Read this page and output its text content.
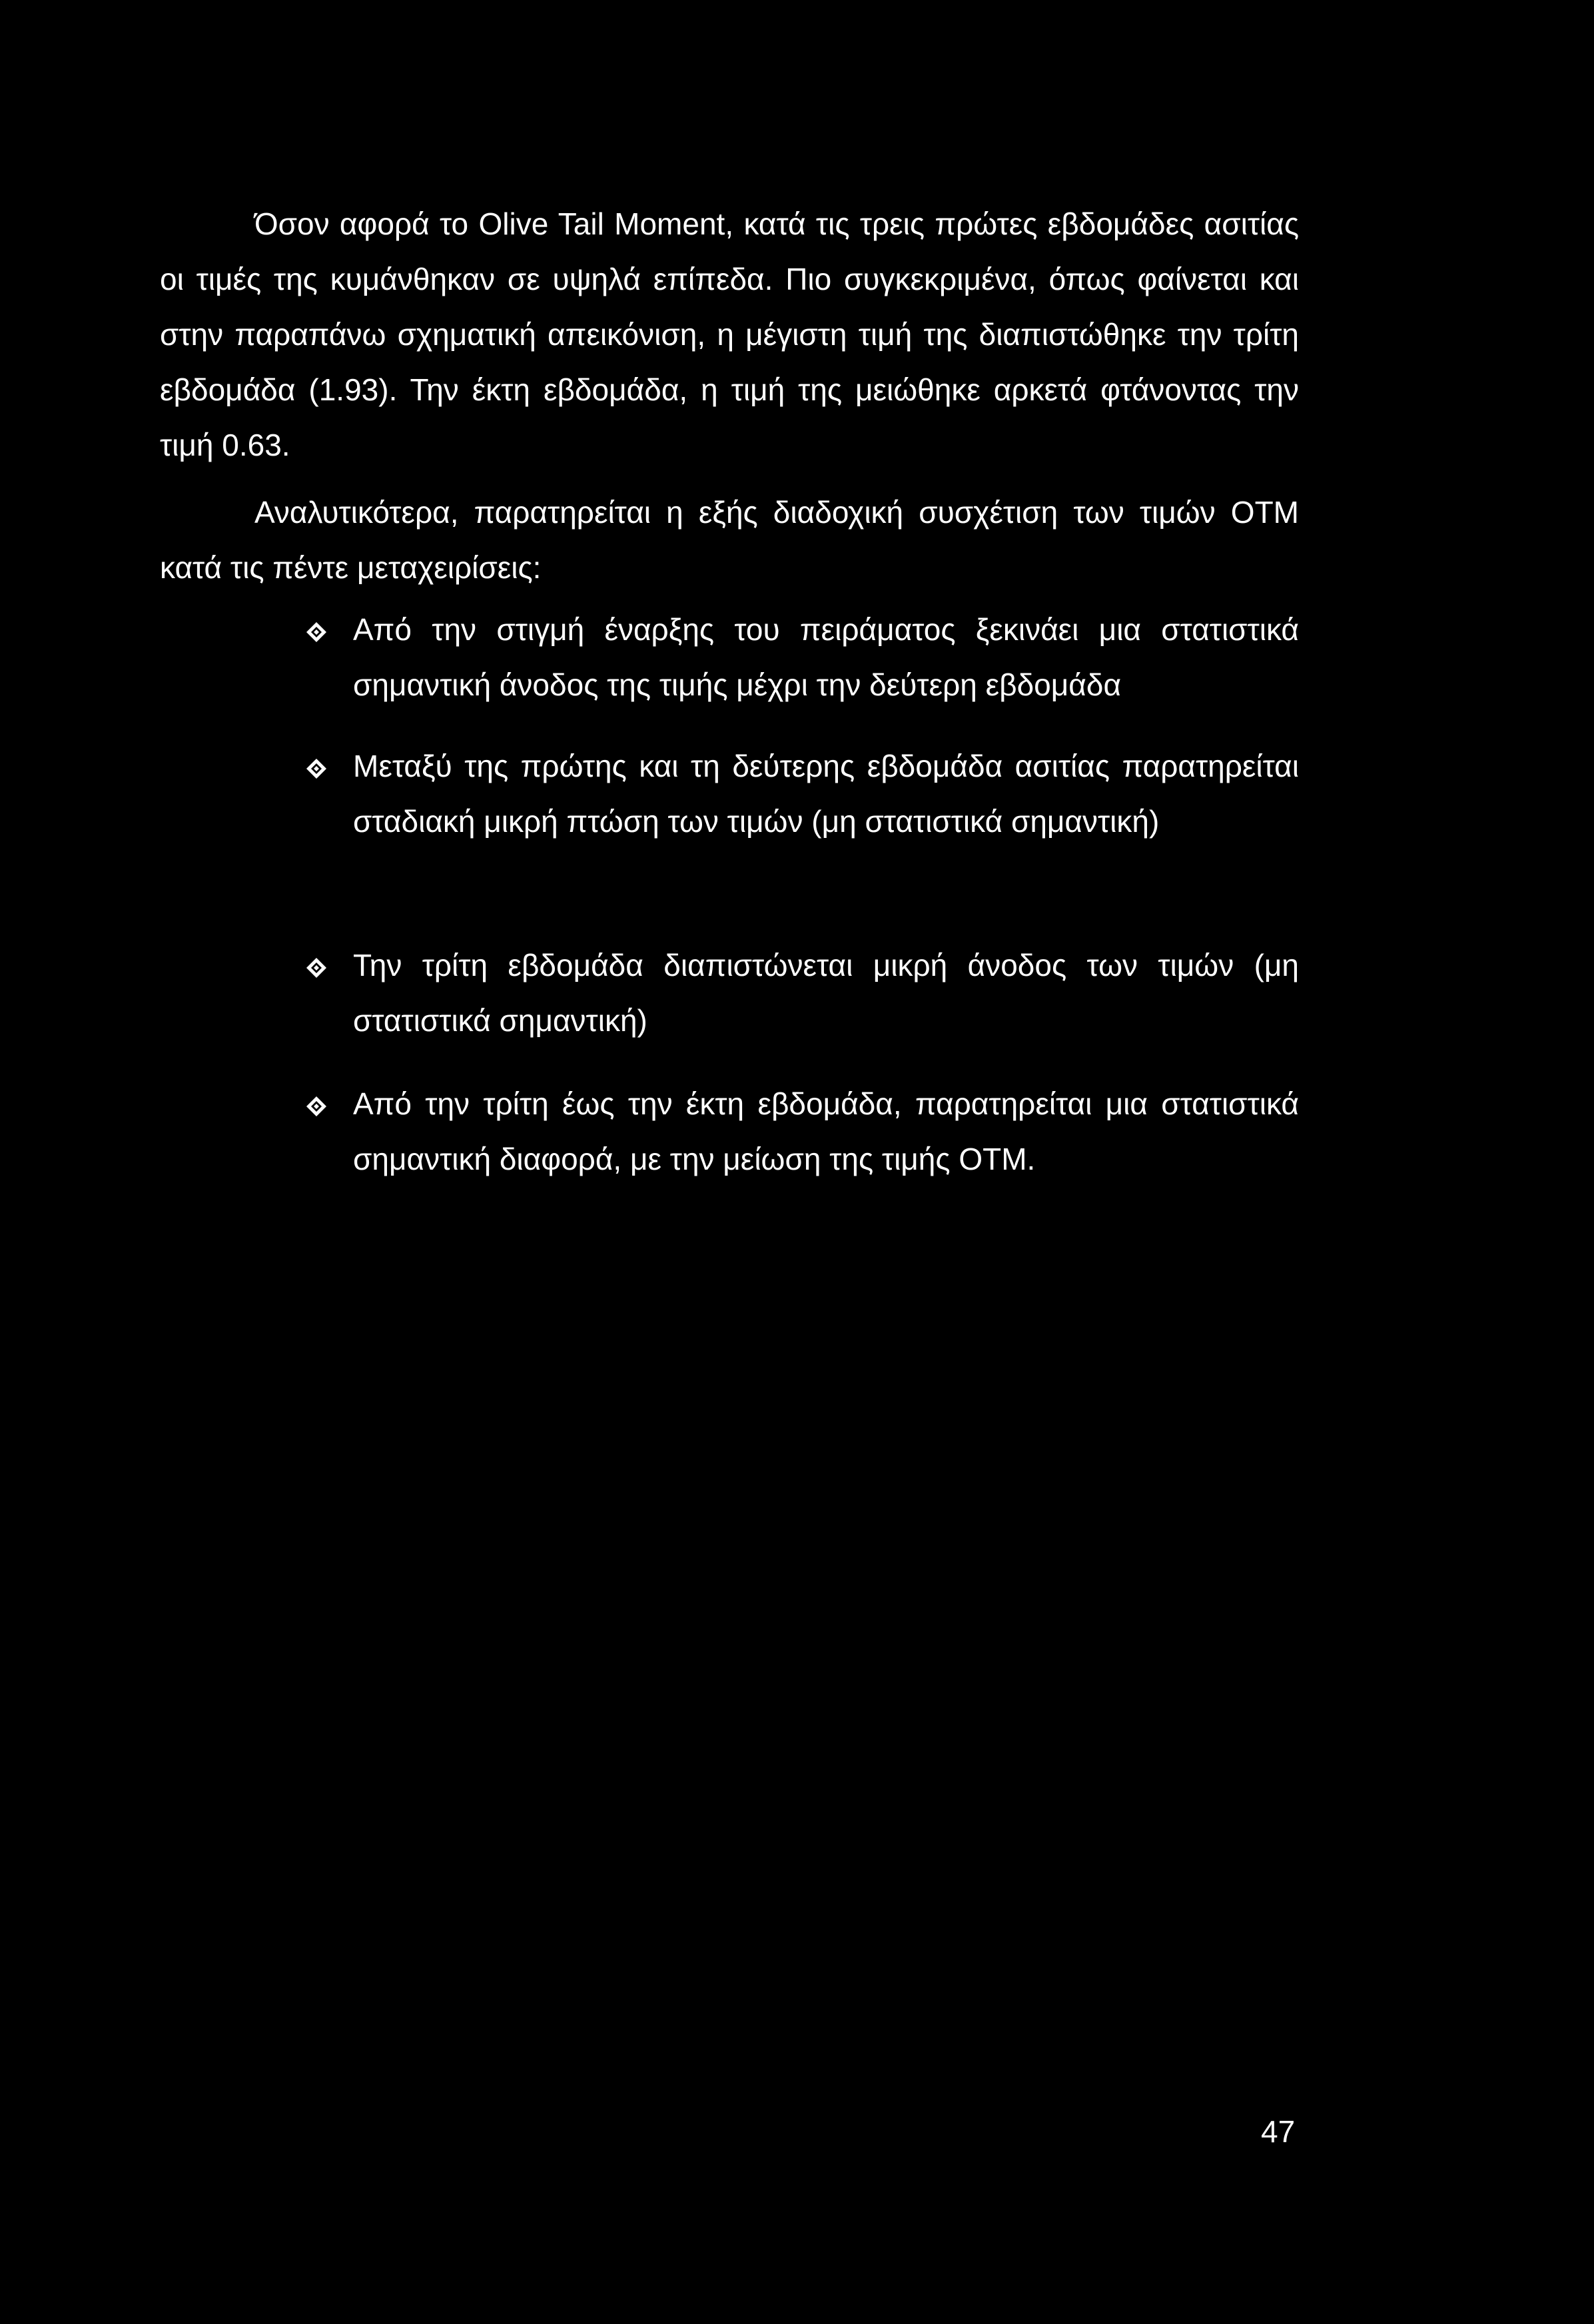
Όσον αφορά το Olive Tail Moment, κατά τις τρεις πρώτες εβδομάδες ασιτίας οι τιμές της κυμάνθηκαν σε υψηλά επίπεδα. Πιο συγκεκριμένα, όπως φαίνεται και στην παραπάνω σχηματική απεικόνιση, η μέγιστη τιμή της διαπιστώθηκε την τρίτη εβδομάδα (1.93). Την έκτη εβδομάδα, η τιμή της μειώθηκε αρκετά φτάνοντας την τιμή 0.63.

Αναλυτικότερα, παρατηρείται η εξής διαδοχική συσχέτιση των τιμών OTM κατά τις πέντε μεταχειρίσεις:

Από την στιγμή έναρξης του πειράματος ξεκινάει μια στατιστικά σημαντική άνοδος της τιμής μέχρι την δεύτερη εβδομάδα
Μεταξύ της πρώτης και τη δεύτερης εβδομάδα ασιτίας παρατηρείται σταδιακή μικρή πτώση των τιμών (μη στατιστικά σημαντική)
Την τρίτη εβδομάδα διαπιστώνεται μικρή άνοδος των τιμών (μη στατιστικά σημαντική)
Από την τρίτη έως την έκτη εβδομάδα, παρατηρείται μια στατιστικά σημαντική διαφορά, με την μείωση της τιμής OTM.
47
